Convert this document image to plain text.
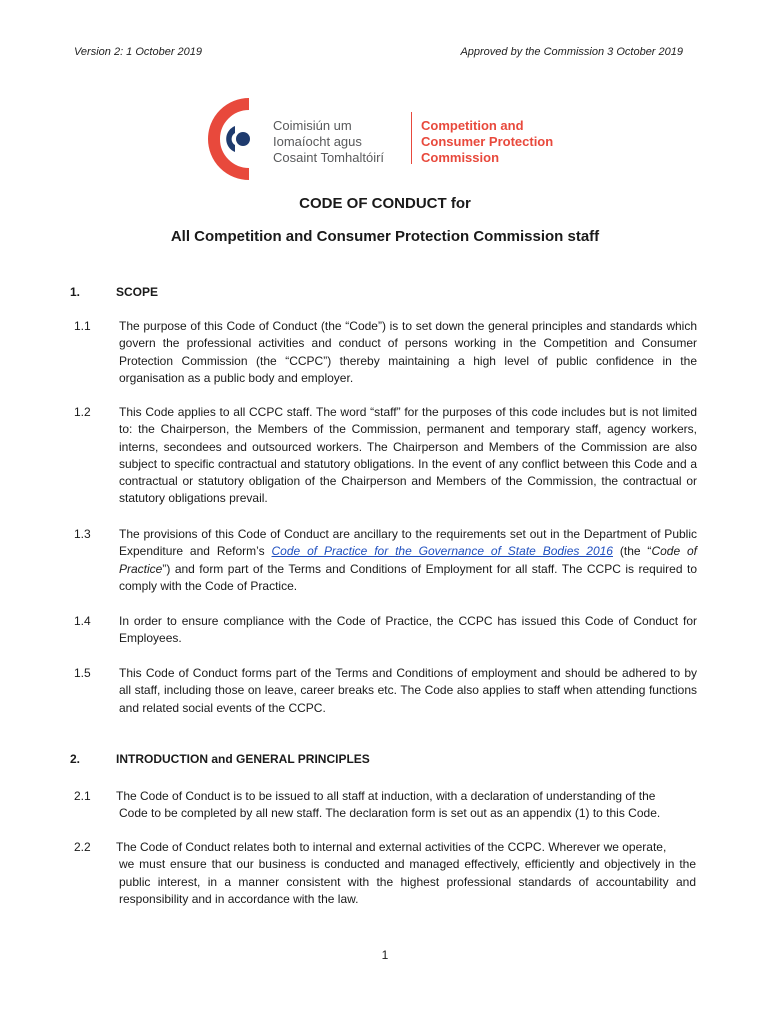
Version 2: 1 October 2019	Approved by the Commission 3 October 2019
Coimisiún um
Iomaíocht agus
Cosaint Tomhaltóirí
Competition and
Consumer Protection
Commission
CODE OF CONDUCT for
All Competition and Consumer Protection Commission staff
1.	SCOPE
1.1 The purpose of this Code of Conduct (the “Code”) is to set down the general principles and standards which govern the professional activities and conduct of persons working in the Competition and Consumer Protection Commission (the “CCPC”) thereby maintaining a high level of public confidence in the organisation as a public body and employer.
1.2 This Code applies to all CCPC staff. The word “staff” for the purposes of this code includes but is not limited to: the Chairperson, the Members of the Commission, permanent and temporary staff, agency workers, interns, secondees and outsourced workers. The Chairperson and Members of the Commission are also subject to specific contractual and statutory obligations. In the event of any conflict between this Code and a contractual or statutory obligation of the Chairperson and Members of the Commission, the contractual or statutory obligations prevail.
1.3 The provisions of this Code of Conduct are ancillary to the requirements set out in the Department of Public Expenditure and Reform’s Code of Practice for the Governance of State Bodies 2016 (the “Code of Practice”) and form part of the Terms and Conditions of Employment for all staff. The CCPC is required to comply with the Code of Practice.
1.4 In order to ensure compliance with the Code of Practice, the CCPC has issued this Code of Conduct for Employees.
1.5 This Code of Conduct forms part of the Terms and Conditions of employment and should be adhered to by all staff, including those on leave, career breaks etc. The Code also applies to staff when attending functions and related social events of the CCPC.
2.	INTRODUCTION and GENERAL PRINCIPLES
2.1 The Code of Conduct is to be issued to all staff at induction, with a declaration of understanding of the
Code to be completed by all new staff. The declaration form is set out as an appendix (1) to this Code.
2.2 The Code of Conduct relates both to internal and external activities of the CCPC. Wherever we operate,
we must ensure that our business is conducted and managed effectively, efficiently and objectively in the public interest, in a manner consistent with the highest professional standards of accountability and responsibility and in accordance with the law.
1
